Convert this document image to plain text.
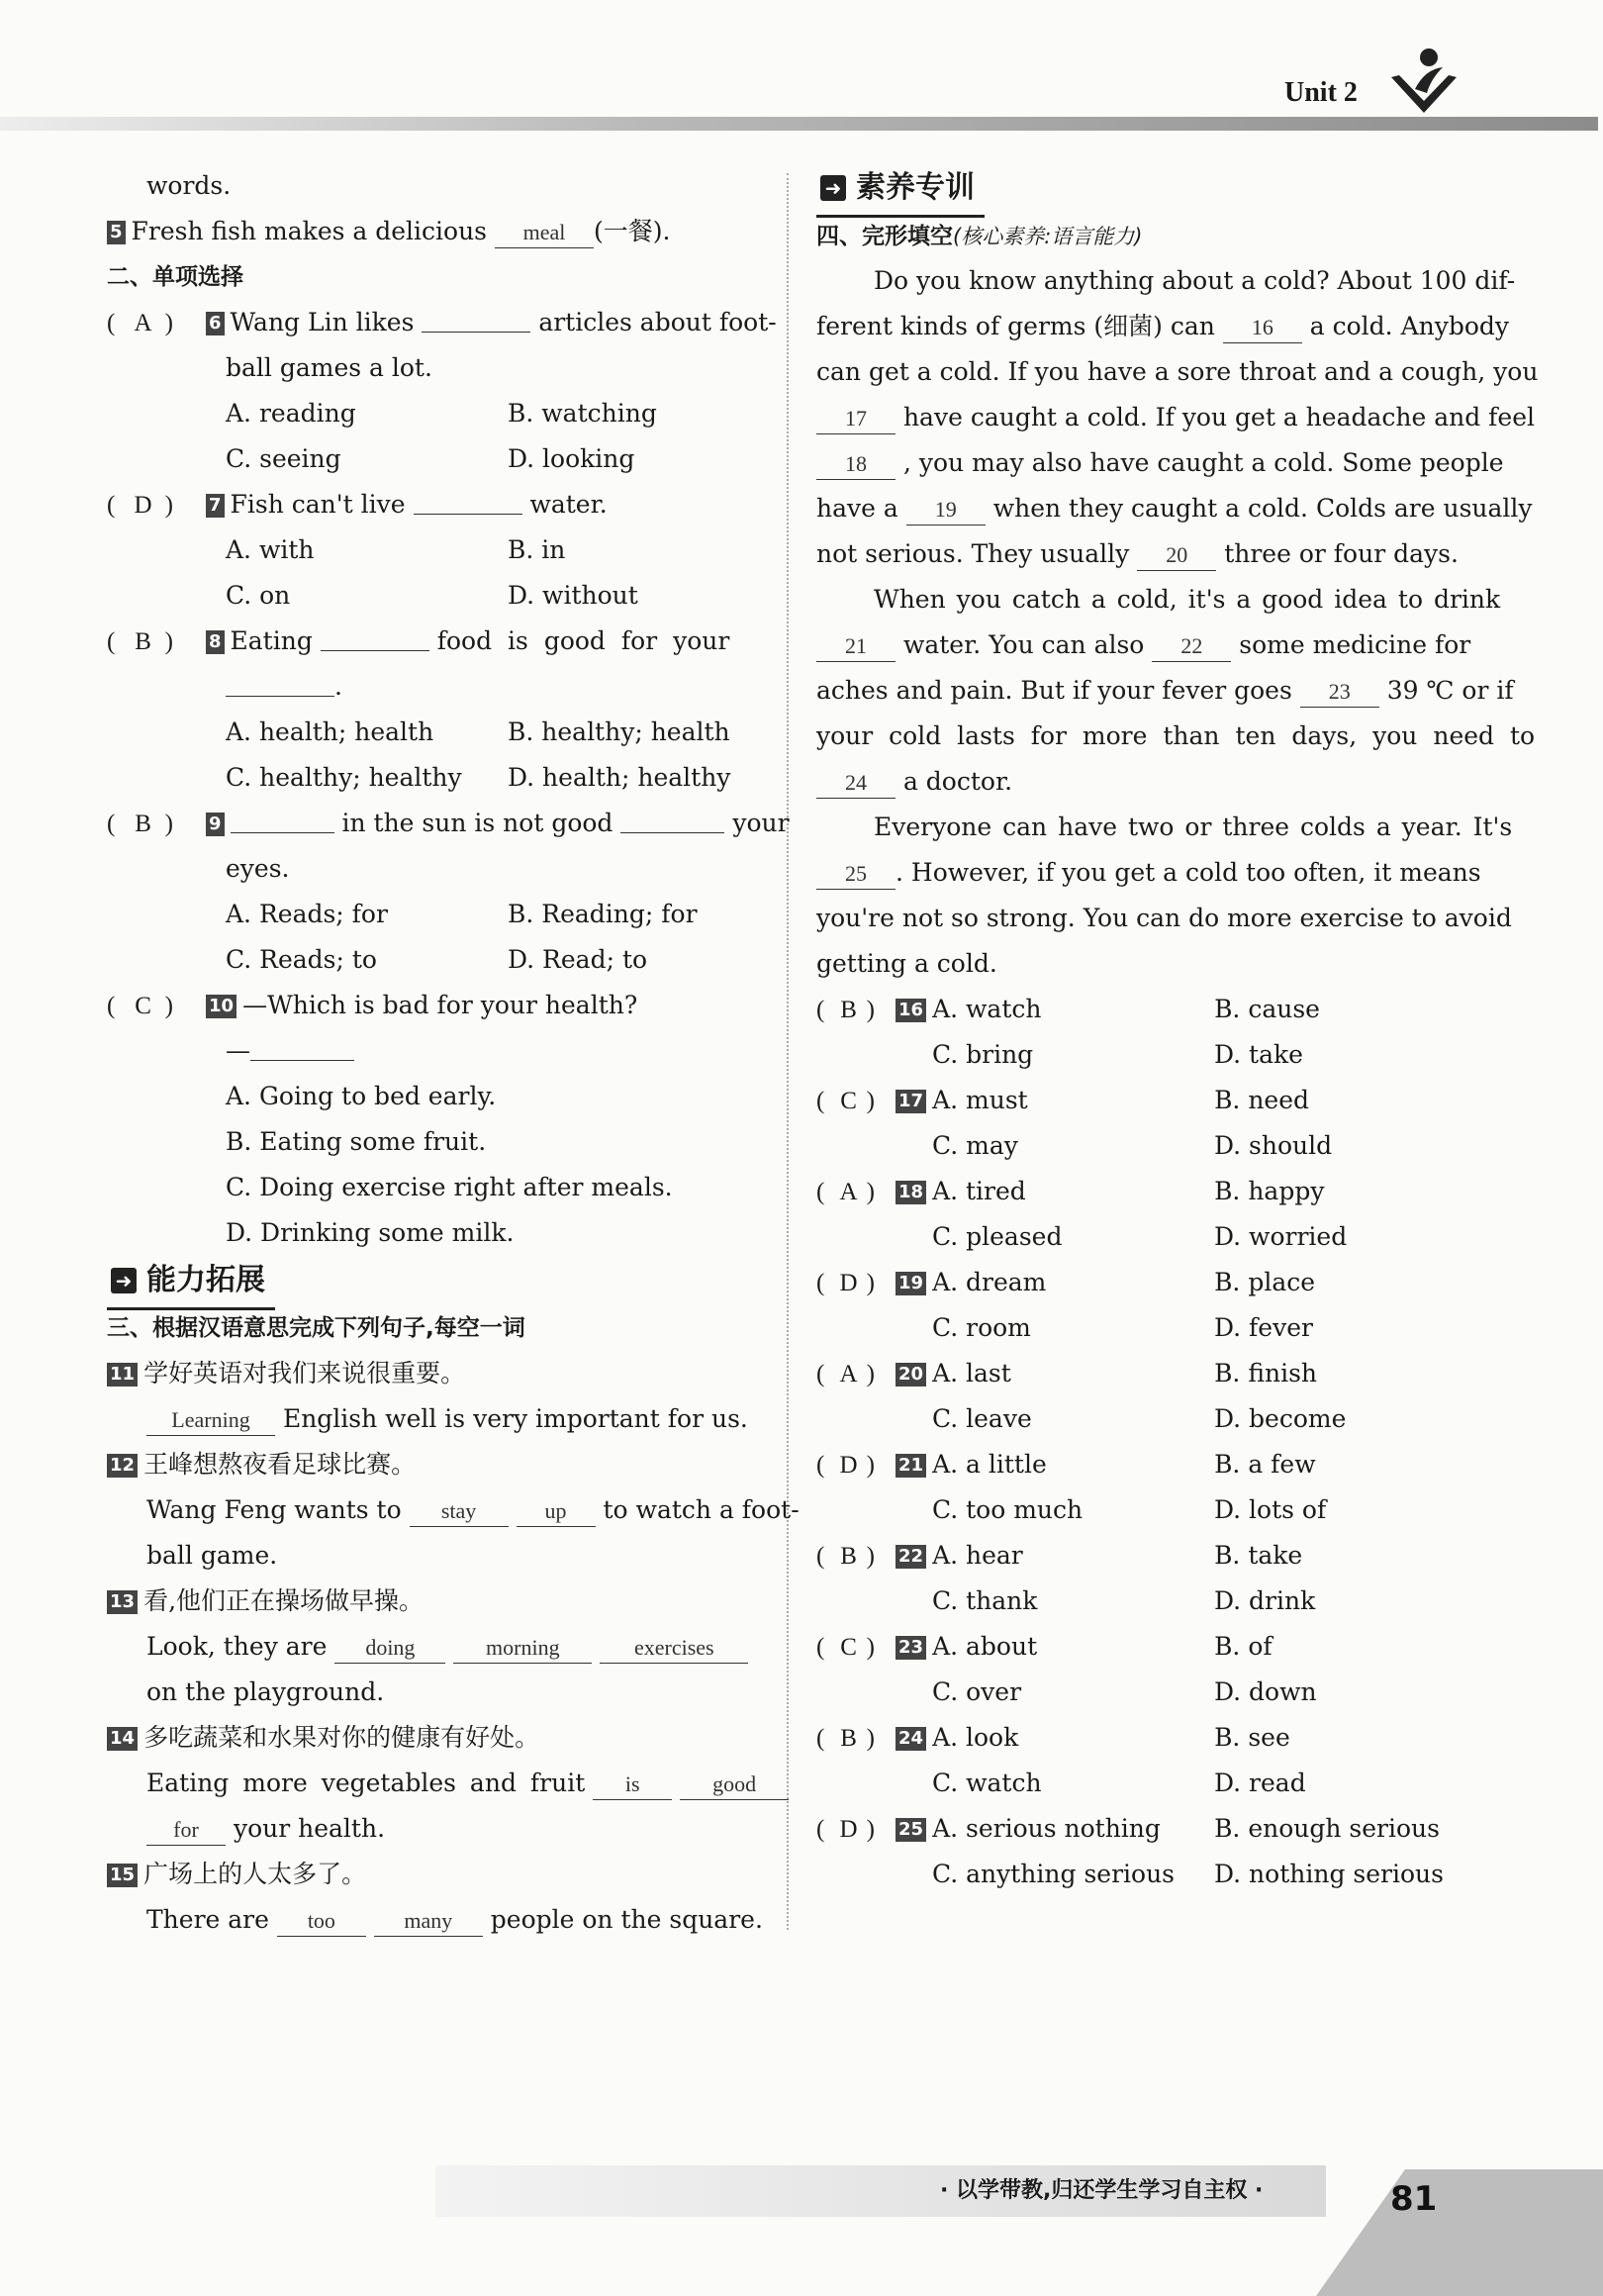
Unit 2
words.
5 Fresh fish makes a delicious meal (一餐).
二、单项选择
( A ) 6 Wang Lin likes	articles about foot-
ball games a lot.
A. reading	B. watching
C. seeing	D. looking
( D ) 7 Fish can't live	water.
A. with	B. in
C. on	D. without
( B ) 8 Eating	food is good for your
.
A. health; health	B. healthy; health
C. healthy; healthy D. health; healthy
( B ) 9	in the sun is not good	your
eyes.
A. Reads; for	B. Reading; for
C. Reads; to	D. Read; to
( C ) 10 —Which is bad for your health?
—
A. Going to bed early.
B. Eating some fruit.
C. Doing exercise right after meals.
D. Drinking some milk.
➜ 能力拓展
三、根据汉语意思完成下列句子,每空一词
11 学好英语对我们来说很重要。
Learning English well is very important for us.
12 王峰想熬夜看足球比赛。
Wang Feng wants to stay	up to watch a foot-
ball game.
13 看,他们正在操场做早操。
Look, they are doing	morning	exercises
on the playground.
14 多吃蔬菜和水果对你的健康有好处。
Eating more vegetables and fruit is	good
for your health.
15 广场上的人太多了。
There are too	many people on the square.
➜ 素养专训
四、完形填空(核心素养:语言能力)
Do you know anything about a cold? About 100 dif-
ferent kinds of germs (细菌) can 16 a cold. Anybody
can get a cold. If you have a sore throat and a cough, you
17 have caught a cold. If you get a headache and feel
18 , you may also have caught a cold. Some people
have a 19 when they caught a cold. Colds are usually
not serious. They usually 20 three or four days.
When you catch a cold, it's a good idea to drink
21 water. You can also 22 some medicine for
aches and pain. But if your fever goes 23 39 ℃ or if
your cold lasts for more than ten days, you need to
24 a doctor.
Everyone can have two or three colds a year. It's
25 . However, if you get a cold too often, it means
you're not so strong. You can do more exercise to avoid
getting a cold.
( B ) 16 A. watch	B. cause
C. bring	D. take
( C ) 17 A. must	B. need
C. may	D. should
( A ) 18 A. tired	B. happy
C. pleased	D. worried
( D ) 19 A. dream	B. place
C. room	D. fever
( A ) 20 A. last	B. finish
C. leave	D. become
( D ) 21 A. a little	B. a few
C. too much	D. lots of
( B ) 22 A. hear	B. take
C. thank	D. drink
( C ) 23 A. about	B. of
C. over	D. down
( B ) 24 A. look	B. see
C. watch	D. read
( D ) 25 A. serious nothing B. enough serious
C. anything serious D. nothing serious
· 以学带教,归还学生学习自主权 ·	81
